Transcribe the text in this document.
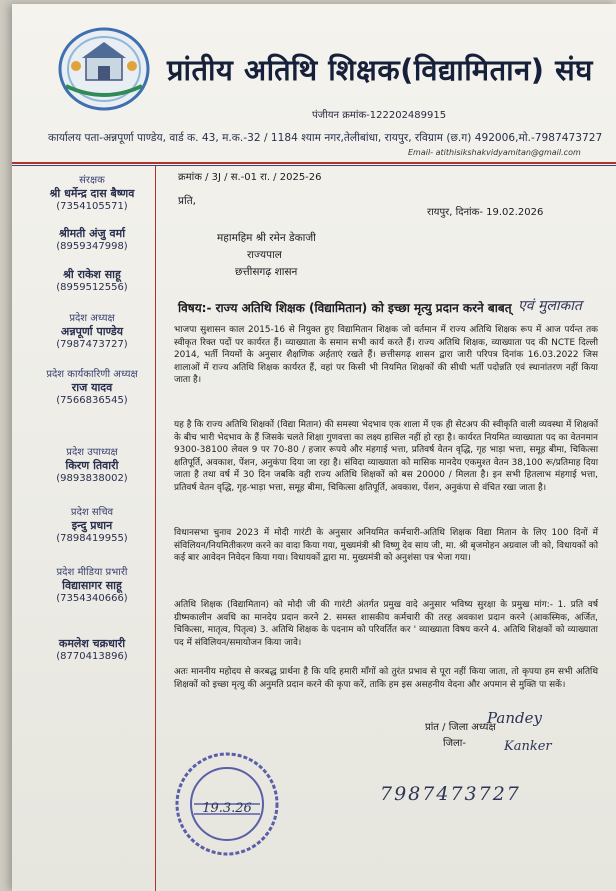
प्रांतीय अतिथि शिक्षक(विद्यामितान) संघ
पंजीयन क्रमांक-122202489915
कार्यालय पता-अन्नपूर्णा पाण्डेय, वार्ड क. 43, म.क.-32 / 1184 श्याम नगर,तेलीबांधा, रायपुर, रविग्राम (छ.ग) 492006,मो.-7987473727
Email- atithisikshakvidyamitan@gmail.com
संरक्षक
श्री धर्मेन्द्र दास बैष्णव
(7354105571)
श्रीमती अंजु वर्मा
(8959347998)
श्री राकेश साहू
(8959512556)
प्रदेश अध्यक्ष
अन्नपूर्णा पाण्डेय
(7987473727)
प्रदेश कार्यकारिणी अध्यक्ष
राज यादव
(7566836545)
प्रदेश उपाध्यक्ष
किरण तिवारी
(9893838002)
प्रदेश सचिव
इन्दु प्रधान
(7898419955)
प्रदेश मीडिया प्रभारी
विद्यासागर साहू
(7354340666)
कमलेश चक्रधारी
(8770413896)
क्रमांक / 3J / स.-01 रा. / 2025-26
प्रति,
रायपुर, दिनांक- 19.02.2026
महामहिम श्री रमेन डेकाजी
राज्यपाल
छत्तीसगढ़ शासन
विषय:- राज्य अतिथि शिक्षक (विद्यामितान) को इच्छा मृत्यु प्रदान करने बाबत् एवं मुलाकात
भाजपा सुशासन काल 2015-16 से नियुक्त हुए विद्यामितान शिक्षक जो वर्तमान में राज्य अतिथि शिक्षक रूप में आज पर्यन्त तक स्वीकृत रिक्त पदों पर कार्यरत हैं। व्याख्याता के समान सभी कार्य करते हैं। राज्य अतिथि शिक्षक, व्याख्याता पद की NCTE दिल्ली 2014, भर्ती नियमों के अनुसार शैक्षणिक अर्हताएं रखते हैं। छत्तीसगढ़ शासन द्वारा जारी परिपत्र दिनांक 16.03.2022 जिस शालाओं में राज्य अतिथि शिक्षक कार्यरत हैं, वहां पर किसी भी नियमित शिक्षकों की सीधी भर्ती पदोन्नति एवं स्थानांतरण नहीं किया जाता है।
यह है कि राज्य अतिथि शिक्षकों (विद्या मितान) की समस्या भेदभाव एक शाला में एक ही सेटअप की स्वीकृति वाली व्यवस्था में शिक्षकों के बीच भारी भेदभाव के हैं जिसके चलते शिक्षा गुणवत्ता का लक्ष्य हासिल नहीं हो रहा है। कार्यरत नियमित व्याख्याता पद का वेतनमान 9300-38100 लेवल 9 पर 70-80 / हजार रूपये और मंहगाई भत्ता, प्रतिवर्ष वेतन वृद्धि, गृह भाड़ा भत्ता, समूह बीमा, चिकित्सा क्षतिपूर्ति, अवकाश, पेंशन, अनुकंपा दिया जा रहा है। संविदा व्याख्याता को मासिक मानदेय एकमुश्त वेतन 38,100 रू/प्रतिमाह दिया जाता है तथा वर्ष में 30 दिन जबकि वही राज्य अतिथि शिक्षकों को बस 20000 / मिलता है। इन सभी हितलाभ मंहगाई भत्ता, प्रतिवर्ष वेतन वृद्धि, गृह-भाड़ा भत्ता, समूह बीमा, चिकित्सा क्षतिपूर्ति, अवकाश, पेंशन, अनुकंपा से वंचित रखा जाता है।
विधानसभा चुनाव 2023 में मोदी गारंटी के अनुसार अनियमित कर्मचारी-अतिथि शिक्षक विद्या मितान के लिए 100 दिनों में संविलियन/नियमितीकरण करने का वादा किया गया, मुख्यमंत्री श्री विष्णु देव साय जी, मा. श्री बृजमोहन अग्रवाल जी को, विधायकों को कई बार आवेदन निवेदन किया गया। विधायकों द्वारा मा. मुख्यमंत्री को अनुशंसा पत्र भेजा गया।
अतिथि शिक्षक (विद्यामितान) को मोदी जी की गारंटी अंतर्गत प्रमुख वादे अनुसार भविष्य सुरक्षा के प्रमुख मांग:- 1. प्रति वर्ष ग्रीष्मकालीन अवधि का मानदेय प्रदान करने 2. समस्त शासकीय कर्मचारी की तरह अवकाश प्रदान करने (आकस्मिक, अर्जित, चिकित्सा, मातृत्व, पितृत्व) 3. अतिथि शिक्षक के पदनाम को परिवर्तित कर ' व्याख्याता विषय करने 4. अतिथि शिक्षकों को व्याख्याता पद में संविलियन/समायोजन किया जावे।
अतः माननीय महोदय से करबद्ध प्रार्थना है कि यदि हमारी माँगों को तुरंत प्रभाव से पूरा नहीं किया जाता, तो कृपया हम सभी अतिथि शिक्षकों को इच्छा मृत्यु की अनुमति प्रदान करने की कृपा करें, ताकि हम इस असहनीय वेदना और अपमान से मुक्ति पा सकें।
प्रांत / जिला अध्यक्ष
जिला-
Pandey
Kanker
7987473727
19.3.26
